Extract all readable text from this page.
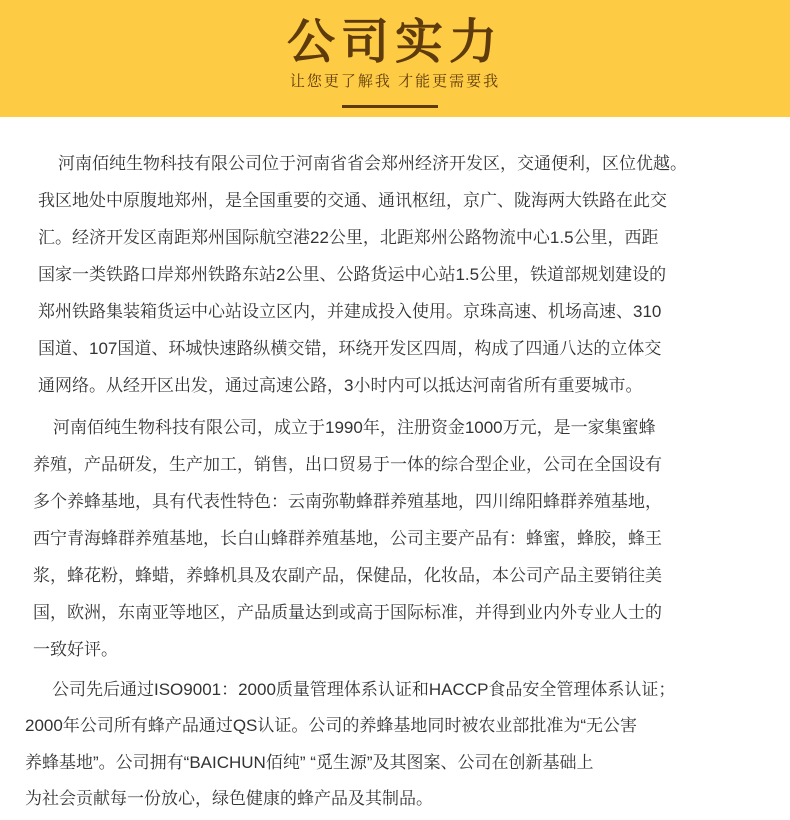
公司实力
让您更了解我 才能更需要我
河南佰纯生物科技有限公司位于河南省省会郑州经济开发区，交通便利，区位优越。
我区地处中原腹地郑州，是全国重要的交通、通讯枢纽，京广、陇海两大铁路在此交
汇。经济开发区南距郑州国际航空港22公里，北距郑州公路物流中心1.5公里，西距
国家一类铁路口岸郑州铁路东站2公里、公路货运中心站1.5公里，铁道部规划建设的
郑州铁路集装箱货运中心站设立区内，并建成投入使用。京珠高速、机场高速、310
国道、107国道、环城快速路纵横交错，环绕开发区四周，构成了四通八达的立体交
通网络。从经开区出发，通过高速公路，3小时内可以抵达河南省所有重要城市。
河南佰纯生物科技有限公司，成立于1990年，注册资金1000万元，是一家集蜜蜂
养殖，产品研发，生产加工，销售，出口贸易于一体的综合型企业，公司在全国设有
多个养蜂基地，具有代表性特色：云南弥勒蜂群养殖基地，四川绵阳蜂群养殖基地，
西宁青海蜂群养殖基地，长白山蜂群养殖基地，公司主要产品有：蜂蜜，蜂胶，蜂王
浆，蜂花粉，蜂蜡，养蜂机具及农副产品，保健品，化妆品，本公司产品主要销往美
国，欧洲，东南亚等地区，产品质量达到或高于国际标准，并得到业内外专业人士的
一致好评。
公司先后通过ISO9001：2000质量管理体系认证和HACCP食品安全管理体系认证；
2000年公司所有蜂产品通过QS认证。公司的养蜂基地同时被农业部批准为“无公害
养蜂基地”。公司拥有“BAICHUN佰纯” “觅生源”及其图案、公司在创新基础上
为社会贡献每一份放心，绿色健康的蜂产品及其制品。
